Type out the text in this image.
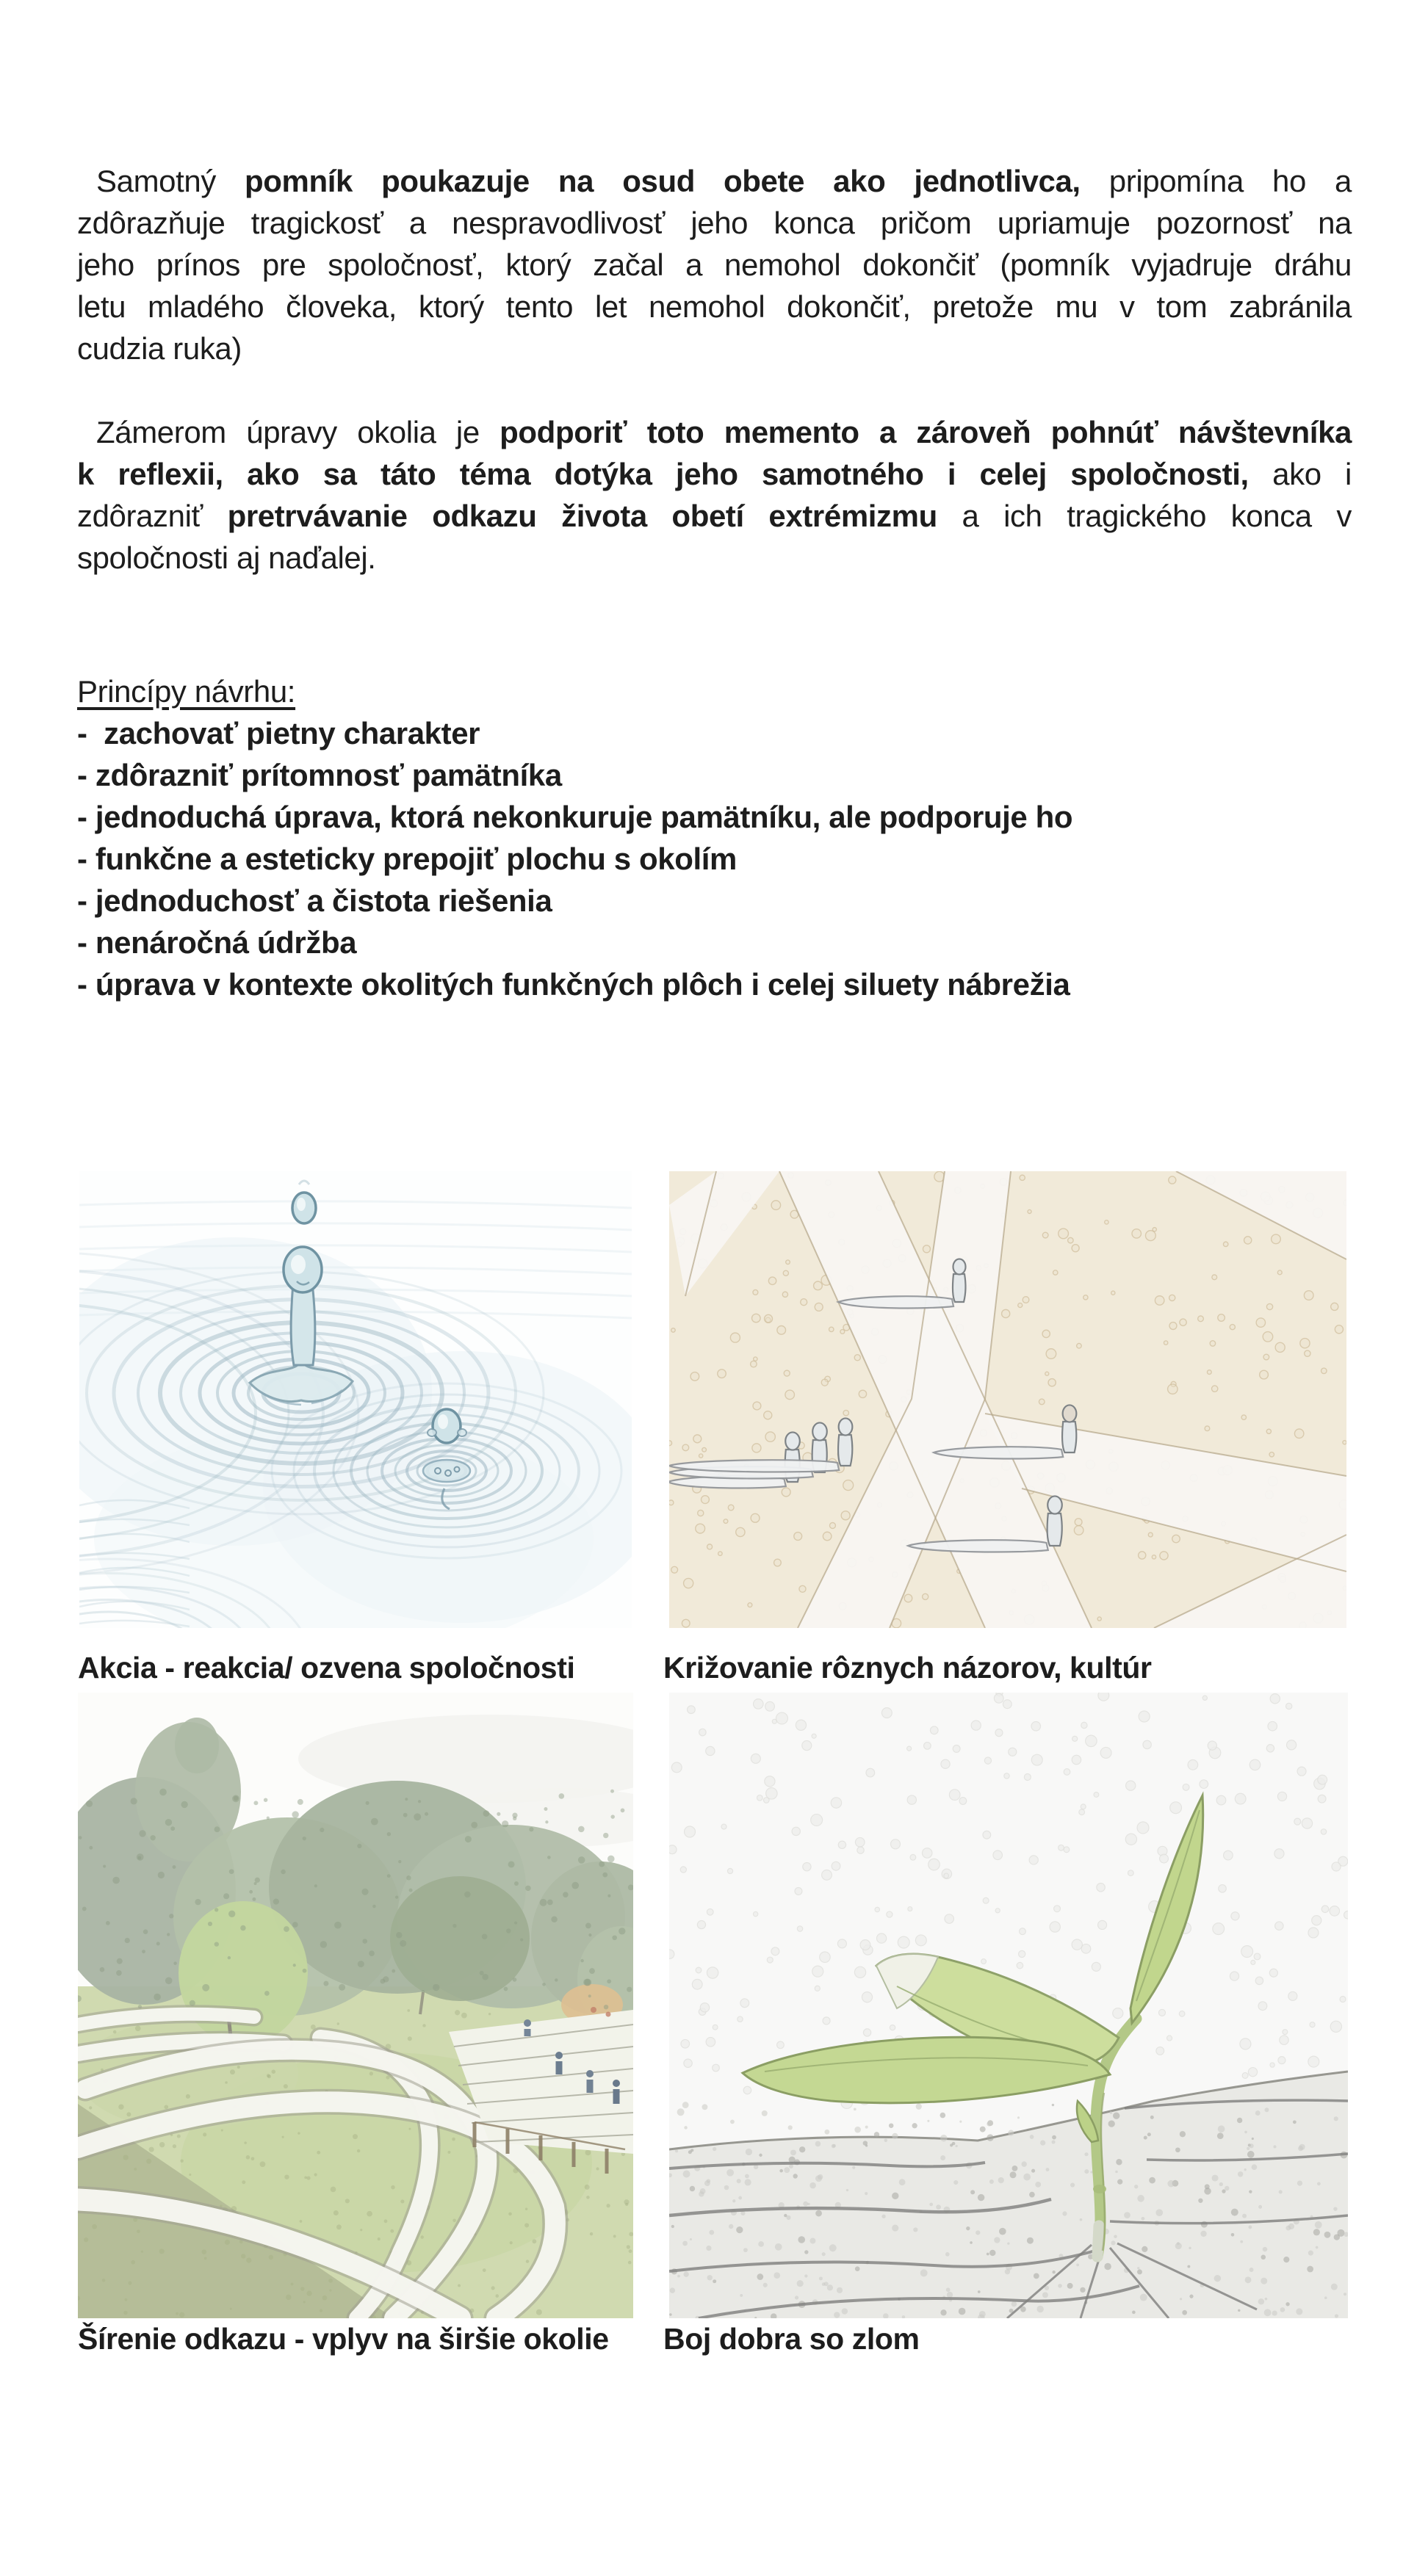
Samotný pomník poukazuje na osud obete ako jednotlivca, pripomína ho a
zdôrazňuje tragickosť a nespravodlivosť jeho konca pričom upriamuje pozornosť na
jeho prínos pre spoločnosť, ktorý začal a nemohol dokončiť (pomník vyjadruje dráhu
letu mladého človeka, ktorý tento let nemohol dokončiť, pretože mu v tom zabránila
cudzia ruka)
Zámerom úpravy okolia je podporiť toto memento a zároveň pohnúť návštevníka
k reflexii, ako sa táto téma dotýka jeho samotného i celej spoločnosti, ako i
zdôrazniť pretrvávanie odkazu života obetí extrémizmu a ich tragického konca v
spoločnosti aj naďalej.
Princípy návrhu:
-  zachovať pietny charakter
- zdôrazniť prítomnosť pamätníka
- jednoduchá úprava, ktorá nekonkuruje pamätníku, ale podporuje ho
- funkčne a esteticky prepojiť plochu s okolím
- jednoduchosť a čistota riešenia
- nenáročná údržba
- úprava v kontexte okolitých funkčných plôch i celej siluety nábrežia
Akcia - reakcia/ ozvena spoločnosti	Križovanie rôznych názorov, kultúr
Šírenie odkazu - vplyv na širšie okolie Boj dobra so zlom
